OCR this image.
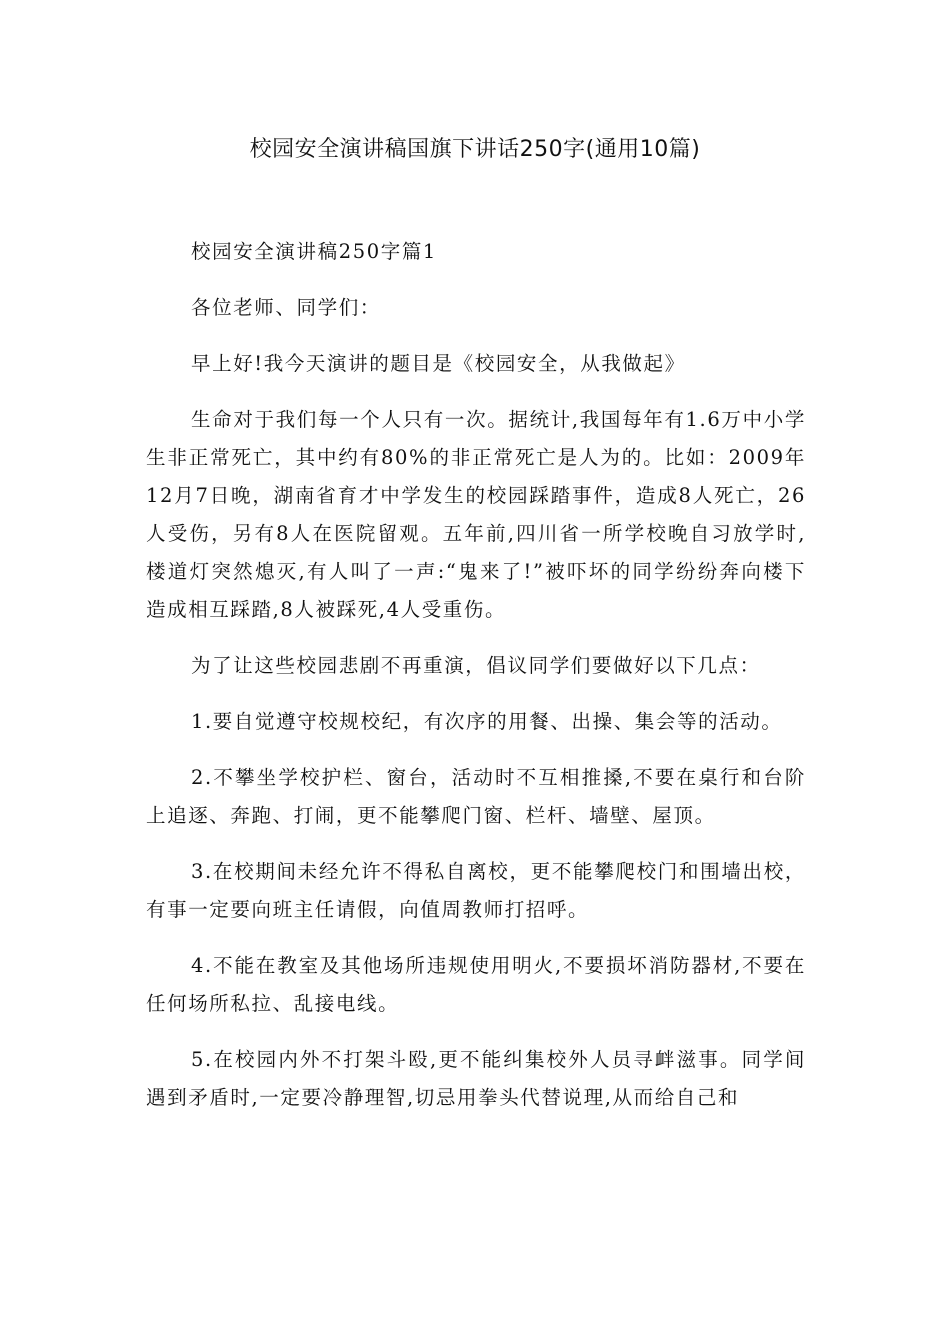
校园安全演讲稿国旗下讲话250字(通用10篇)

校园安全演讲稿250字篇1

各位老师、同学们：

早上好!我今天演讲的题目是《校园安全，从我做起》

生命对于我们每一个人只有一次。据统计,我国每年有1.6万中小学生非正常死亡，其中约有80%的非正常死亡是人为的。比如：2009年12月7日晚，湖南省育才中学发生的校园踩踏事件，造成8人死亡，26人受伤，另有8人在医院留观。五年前,四川省一所学校晚自习放学时,楼道灯突然熄灭,有人叫了一声:“鬼来了!”被吓坏的同学纷纷奔向楼下造成相互踩踏,8人被踩死,4人受重伤。

为了让这些校园悲剧不再重演，倡议同学们要做好以下几点：

1.要自觉遵守校规校纪，有次序的用餐、出操、集会等的活动。

2.不攀坐学校护栏、窗台，活动时不互相推搡,不要在桌行和台阶上追逐、奔跑、打闹，更不能攀爬门窗、栏杆、墙壁、屋顶。

3.在校期间未经允许不得私自离校，更不能攀爬校门和围墙出校，有事一定要向班主任请假，向值周教师打招呼。

4.不能在教室及其他场所违规使用明火,不要损坏消防器材,不要在任何场所私拉、乱接电线。

5.在校园内外不打架斗殴,更不能纠集校外人员寻衅滋事。同学间遇到矛盾时,一定要冷静理智,切忌用拳头代替说理,从而给自己和
